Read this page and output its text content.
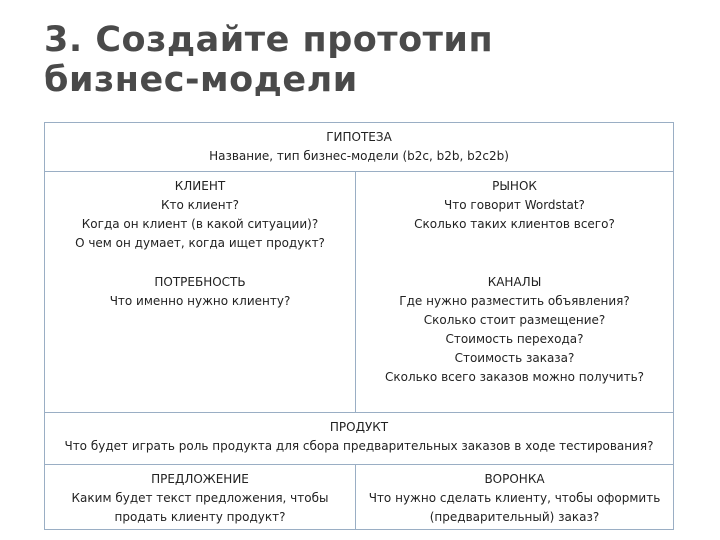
3. Создайте прототип
бизнес-модели
ГИПОТЕЗА
Название, тип бизнес-модели (b2c, b2b, b2c2b)
КЛИЕНТ
Кто клиент?
Когда он клиент (в какой ситуации)?
О чем он думает, когда ищет продукт?
РЫНОК
Что говорит Wordstat?
Сколько таких клиентов всего?
ПОТРЕБНОСТЬ
Что именно нужно клиенту?
КАНАЛЫ
Где нужно разместить объявления?
Сколько стоит размещение?
Стоимость перехода?
Стоимость заказа?
Сколько всего заказов можно получить?
ПРОДУКТ
Что будет играть роль продукта для сбора предварительных заказов в ходе тестирования?
ПРЕДЛОЖЕНИЕ
Каким будет текст предложения, чтобы
продать клиенту продукт?
ВОРОНКА
Что нужно сделать клиенту, чтобы оформить
(предварительный) заказ?
